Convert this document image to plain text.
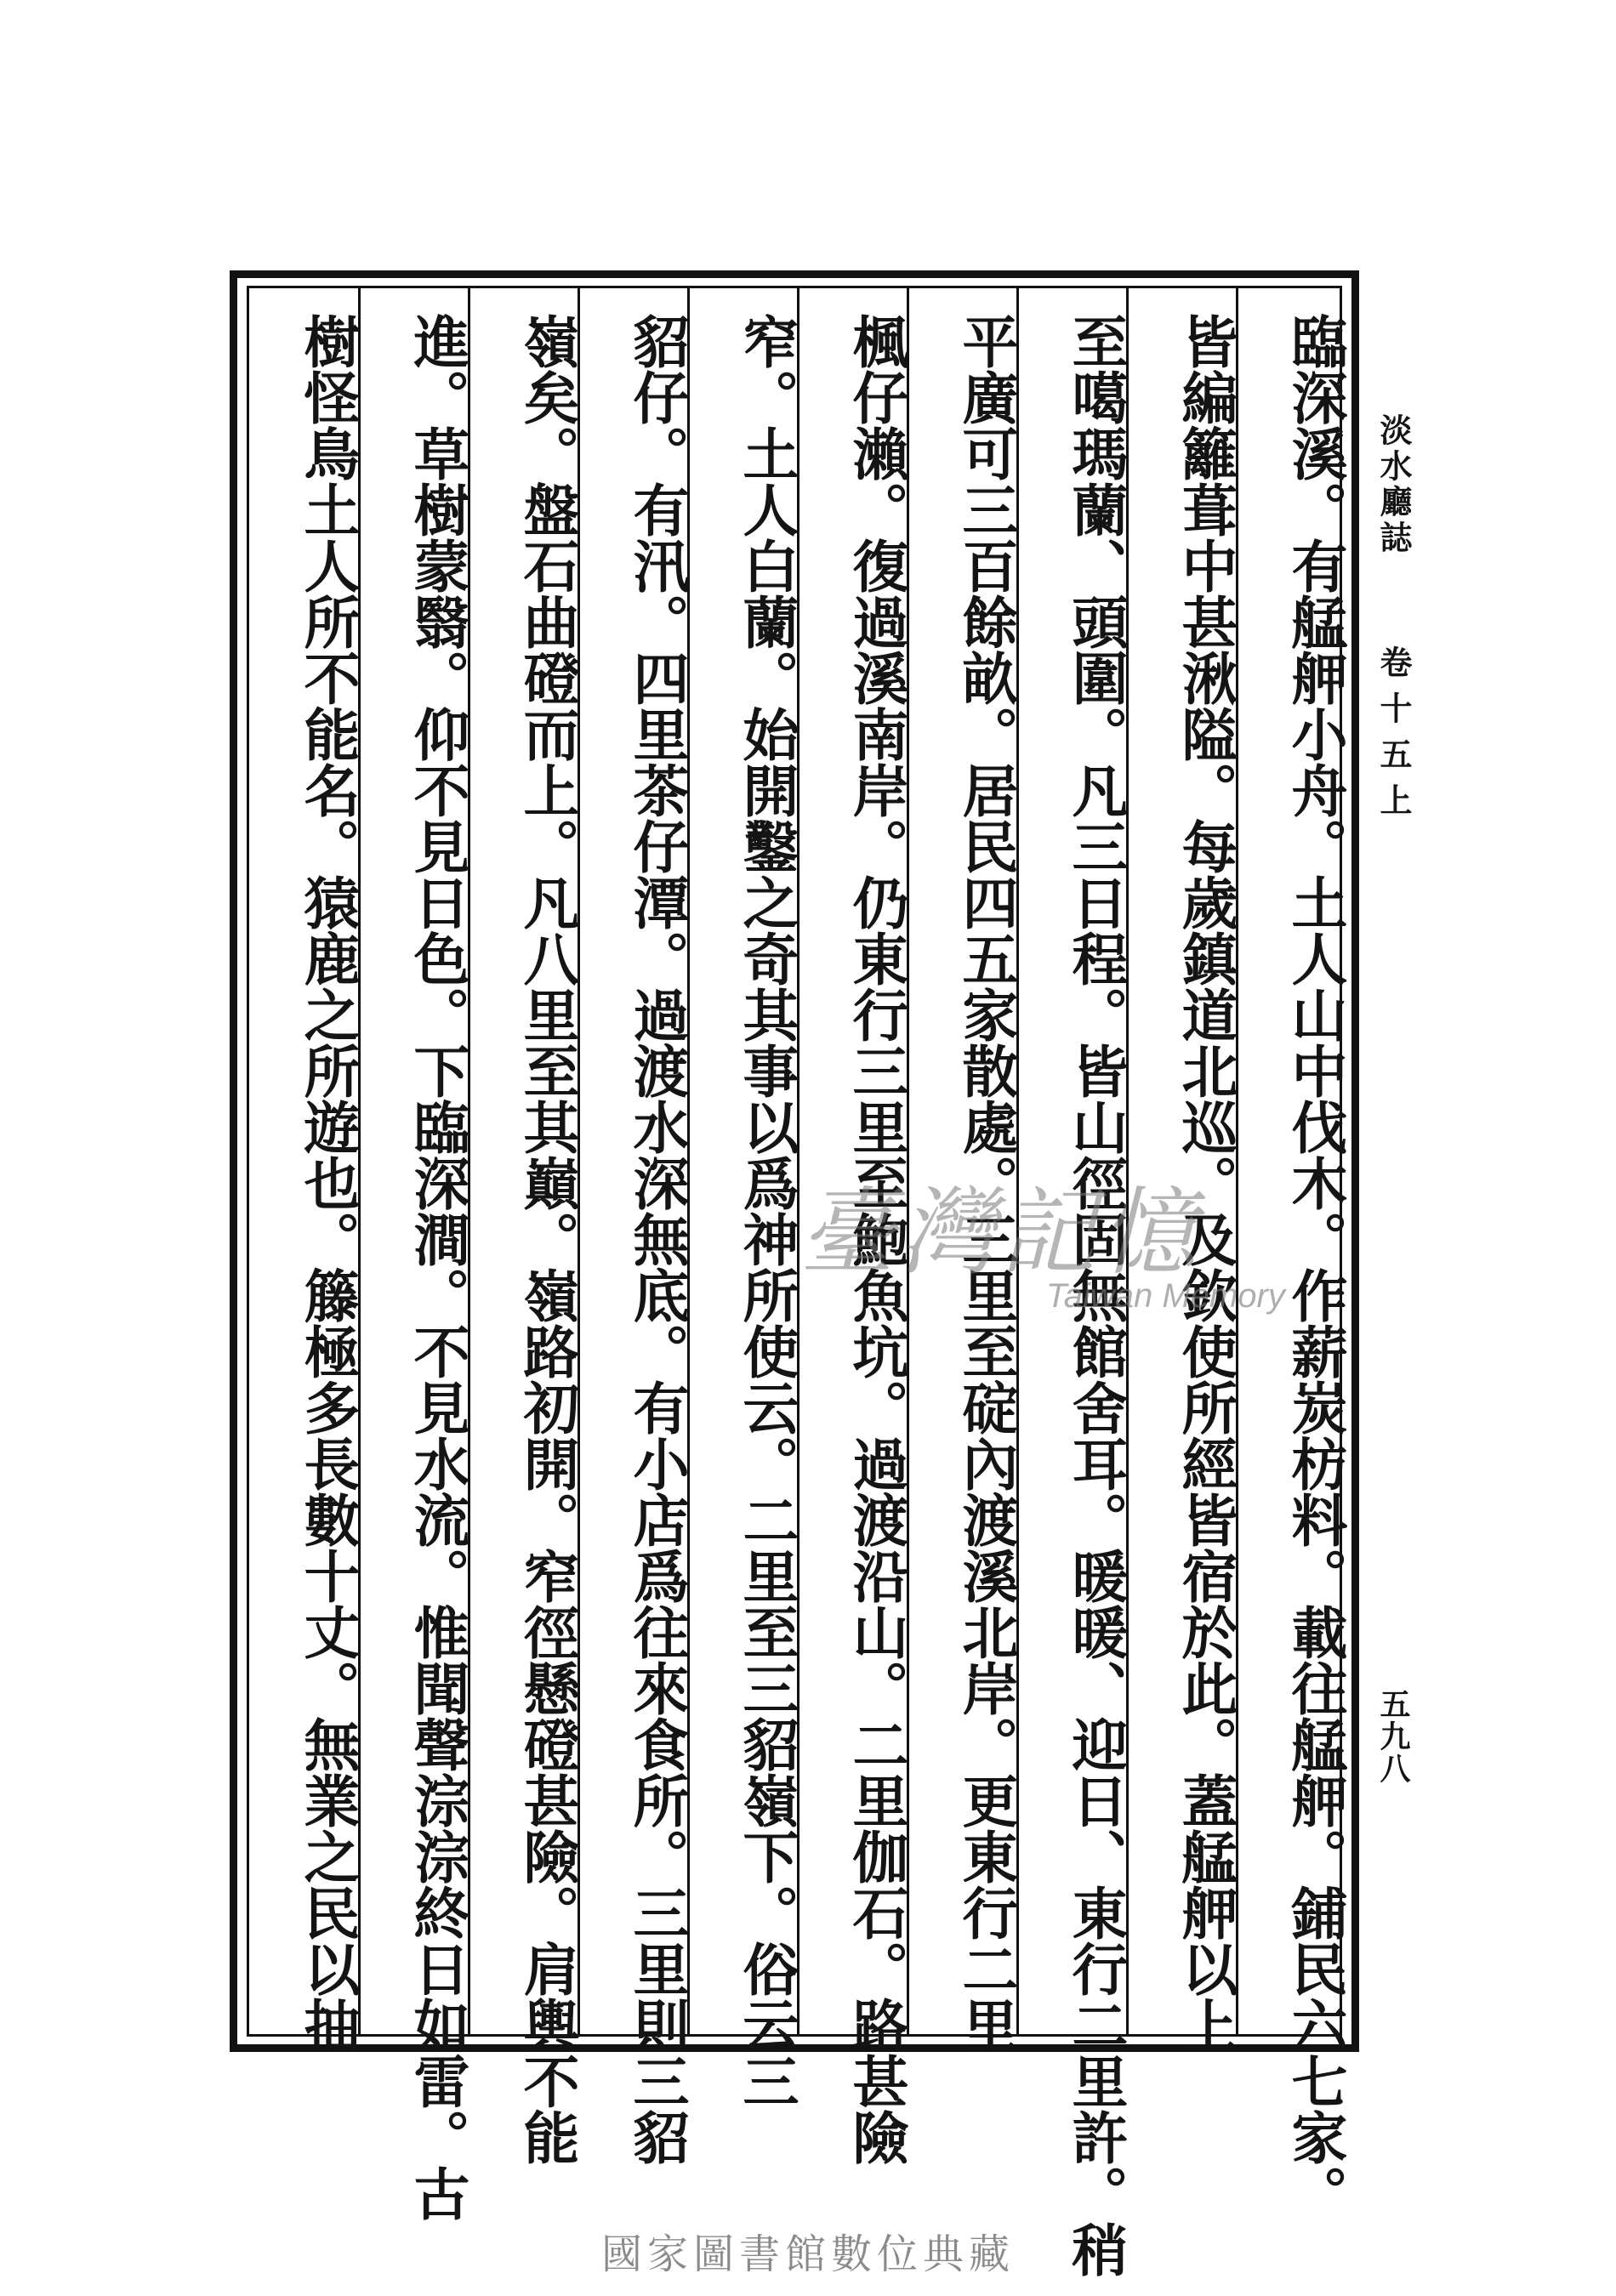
臨深溪。有艋舺小舟。土人山中伐木。作薪炭枋料。載往艋舺。鋪民六七家。
皆編籬葺中甚湫隘。每歲鎮道北巡。及欽使所經皆宿於此。蓋艋舺以上
至噶瑪蘭、頭圍。凡三日程。皆山徑固無館舍耳。暖暖、迎日、東行二里許。稍
平廣可三百餘畝。居民四五家散處。三里至碇內渡溪北岸。更東行二里
楓仔瀨。復過溪南岸。仍東行三里至鮑魚坑。過渡沿山。二里伽石。路甚險
窄。土人白蘭。始開鑿之奇其事以爲神所使云。二里至三貂嶺下。俗云三
貂仔。有汛。四里茶仔潭。過渡水深無底。有小店爲往來食所。三里則三貂
嶺矣。盤石曲磴而上。凡八里至其巔。嶺路初開。窄徑懸磴甚險。肩輿不能
進。草樹蒙翳。仰不見日色。下臨深澗。不見水流。惟聞聲淙淙終日如雷。古
樹怪鳥土人所不能名。猿鹿之所遊也。籐極多長數十丈。無業之民以抽	淡水廳誌 卷十五上
五九八
臺灣記憶
Taiwan Memory
國家圖書館數位典藏
